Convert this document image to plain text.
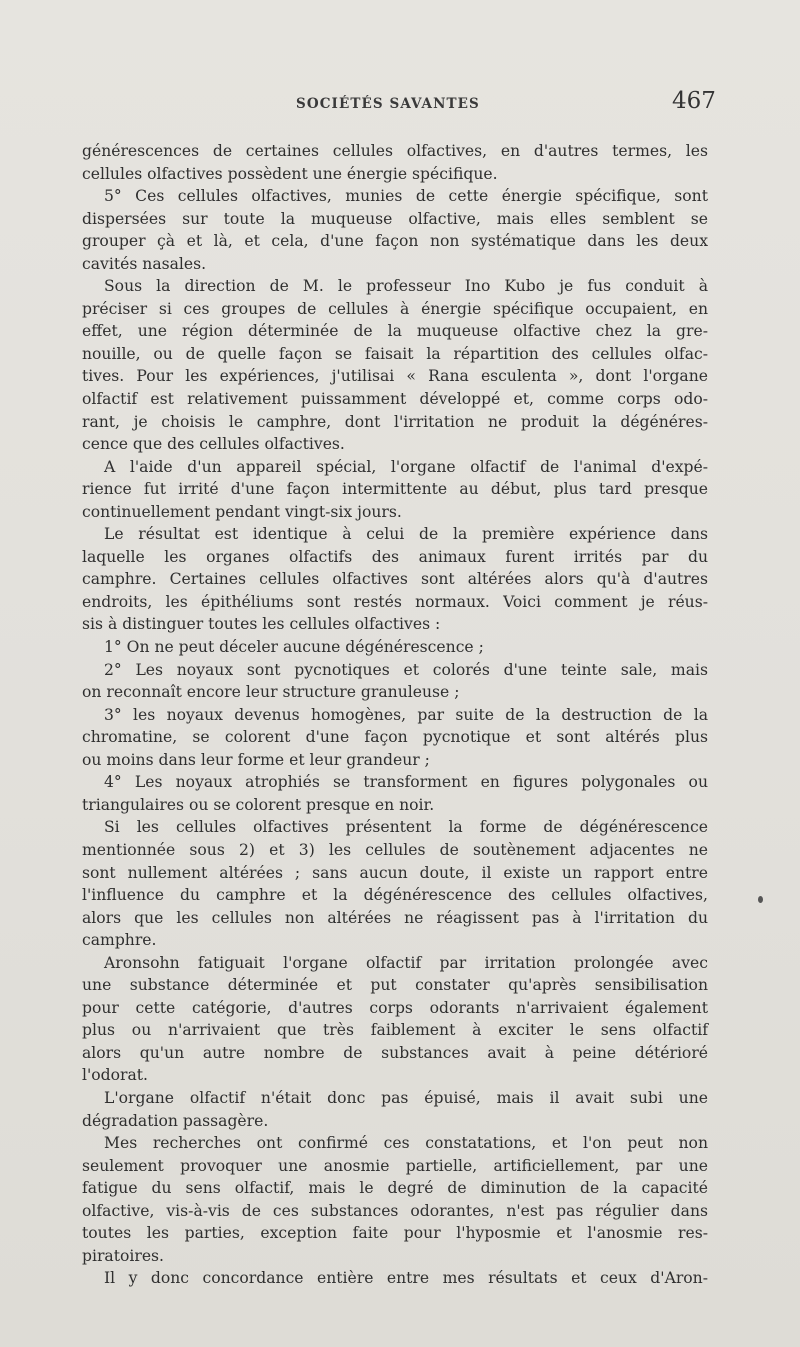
SOCIÉTÉS SAVANTES	467
générescences de certaines cellules olfactives, en d'autres termes, les
cellules olfactives possèdent une énergie spécifique.
5° Ces cellules olfactives, munies de cette énergie spécifique, sont
dispersées sur toute la muqueuse olfactive, mais elles semblent se
grouper çà et là, et cela, d'une façon non systématique dans les deux
cavités nasales.
Sous la direction de M. le professeur Ino Kubo je fus conduit à
préciser si ces groupes de cellules à énergie spécifique occupaient, en
effet, une région déterminée de la muqueuse olfactive chez la gre-
nouille, ou de quelle façon se faisait la répartition des cellules olfac-
tives. Pour les expériences, j'utilisai « Rana esculenta », dont l'organe
olfactif est relativement puissamment développé et, comme corps odo-
rant, je choisis le camphre, dont l'irritation ne produit la dégénéres-
cence que des cellules olfactives.
A l'aide d'un appareil spécial, l'organe olfactif de l'animal d'expé-
rience fut irrité d'une façon intermittente au début, plus tard presque
continuellement pendant vingt-six jours.
Le résultat est identique à celui de la première expérience dans
laquelle les organes olfactifs des animaux furent irrités par du
camphre. Certaines cellules olfactives sont altérées alors qu'à d'autres
endroits, les épithéliums sont restés normaux. Voici comment je réus-
sis à distinguer toutes les cellules olfactives :
1° On ne peut déceler aucune dégénérescence ;
2° Les noyaux sont pycnotiques et colorés d'une teinte sale, mais
on reconnaît encore leur structure granuleuse ;
3° les noyaux devenus homogènes, par suite de la destruction de la
chromatine, se colorent d'une façon pycnotique et sont altérés plus
ou moins dans leur forme et leur grandeur ;
4° Les noyaux atrophiés se transforment en figures polygonales ou
triangulaires ou se colorent presque en noir.
Si les cellules olfactives présentent la forme de dégénérescence
mentionnée sous 2) et 3) les cellules de soutènement adjacentes ne
sont nullement altérées ; sans aucun doute, il existe un rapport entre
l'influence du camphre et la dégénérescence des cellules olfactives,
alors que les cellules non altérées ne réagissent pas à l'irritation du
camphre.
Aronsohn fatiguait l'organe olfactif par irritation prolongée avec
une substance déterminée et put constater qu'après sensibilisation
pour cette catégorie, d'autres corps odorants n'arrivaient également
plus ou n'arrivaient que très faiblement à exciter le sens olfactif
alors qu'un autre nombre de substances avait à peine détérioré
l'odorat.
L'organe olfactif n'était donc pas épuisé, mais il avait subi une
dégradation passagère.
Mes recherches ont confirmé ces constatations, et l'on peut non
seulement provoquer une anosmie partielle, artificiellement, par une
fatigue du sens olfactif, mais le degré de diminution de la capacité
olfactive, vis-à-vis de ces substances odorantes, n'est pas régulier dans
toutes les parties, exception faite pour l'hyposmie et l'anosmie res-
piratoires.
Il y donc concordance entière entre mes résultats et ceux d'Aron-
